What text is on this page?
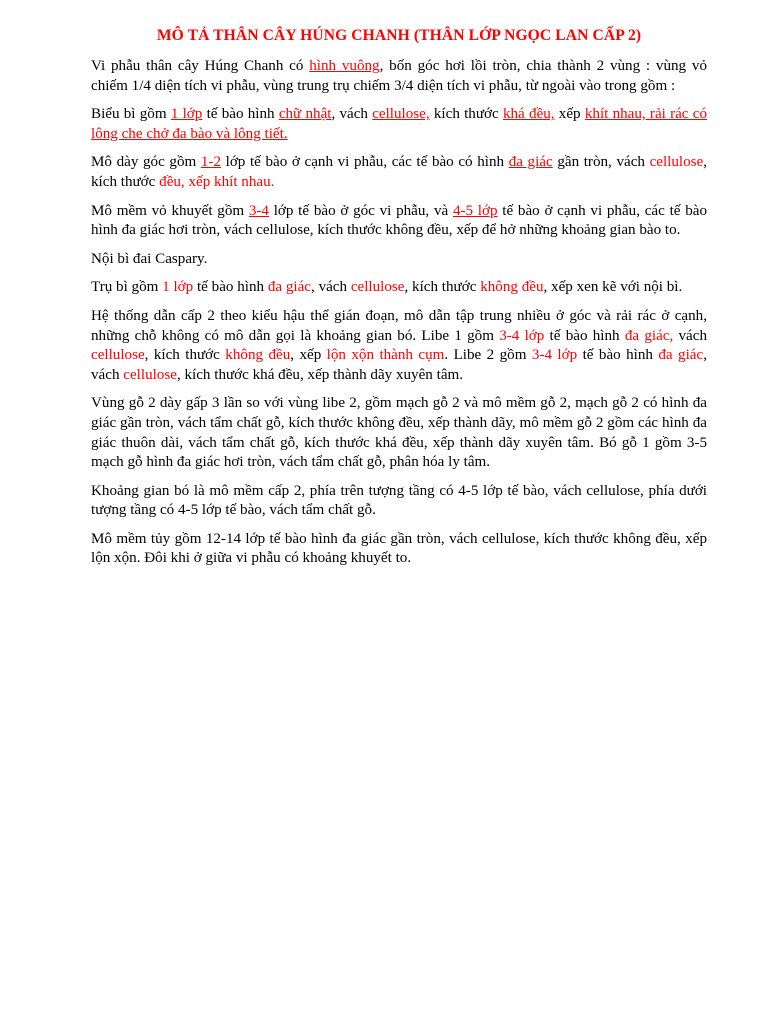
MÔ TẢ THÂN CÂY HÚNG CHANH (THÂN LỚP NGỌC LAN CẤP 2)

Vi phẫu thân cây Húng Chanh có hình vuông, bốn góc hơi lồi tròn, chia thành 2 vùng : vùng vỏ chiếm 1/4 diện tích vi phẫu, vùng trung trụ chiếm 3/4 diện tích vi phẫu, từ ngoài vào trong gồm :

Biểu bì gồm 1 lớp tế bào hình chữ nhật, vách cellulose, kích thước khá đều, xếp khít nhau, rải rác có lông che chở đa bào và lông tiết.

Mô dày góc gồm 1-2 lớp tế bào ở cạnh vi phẫu, các tế bào có hình đa giác gần tròn, vách cellulose, kích thước đều, xếp khít nhau.

Mô mềm vỏ khuyết gồm 3-4 lớp tế bào ở góc vi phẫu, và 4-5 lớp tế bào ở cạnh vi phẫu, các tế bào hình đa giác hơi tròn, vách cellulose, kích thước không đều, xếp để hở những khoảng gian bào to.

Nội bì đai Caspary.

Trụ bì gồm 1 lớp tế bào hình đa giác, vách cellulose, kích thước không đều, xếp xen kẽ với nội bì.

Hệ thống dẫn cấp 2 theo kiểu hậu thể gián đoạn, mô dẫn tập trung nhiều ở góc và rải rác ở cạnh, những chỗ không có mô dẫn gọi là khoảng gian bó. Libe 1 gồm 3-4 lớp tế bào hình đa giác, vách cellulose, kích thước không đều, xếp lộn xộn thành cụm. Libe 2 gồm 3-4 lớp tế bào hình đa giác, vách cellulose, kích thước khá đều, xếp thành dãy xuyên tâm.

Vùng gỗ 2 dày gấp 3 lần so với vùng libe 2, gồm mạch gỗ 2 và mô mềm gỗ 2, mạch gỗ 2 có hình đa giác gần tròn, vách tẩm chất gỗ, kích thước không đều, xếp thành dãy, mô mềm gỗ 2 gồm các hình đa giác thuôn dài, vách tẩm chất gỗ, kích thước khá đều, xếp thành dãy xuyên tâm. Bó gỗ 1 gồm 3-5 mạch gỗ hình đa giác hơi tròn, vách tẩm chất gỗ, phân hóa ly tâm.

Khoảng gian bó là mô mềm cấp 2, phía trên tượng tầng có 4-5 lớp tế bào, vách cellulose, phía dưới tượng tầng có 4-5 lớp tế bào, vách tẩm chất gỗ.

Mô mềm tủy gồm 12-14 lớp tế bào hình đa giác gần tròn, vách cellulose, kích thước không đều, xếp lộn xộn. Đôi khi ở giữa vi phẫu có khoảng khuyết to.
